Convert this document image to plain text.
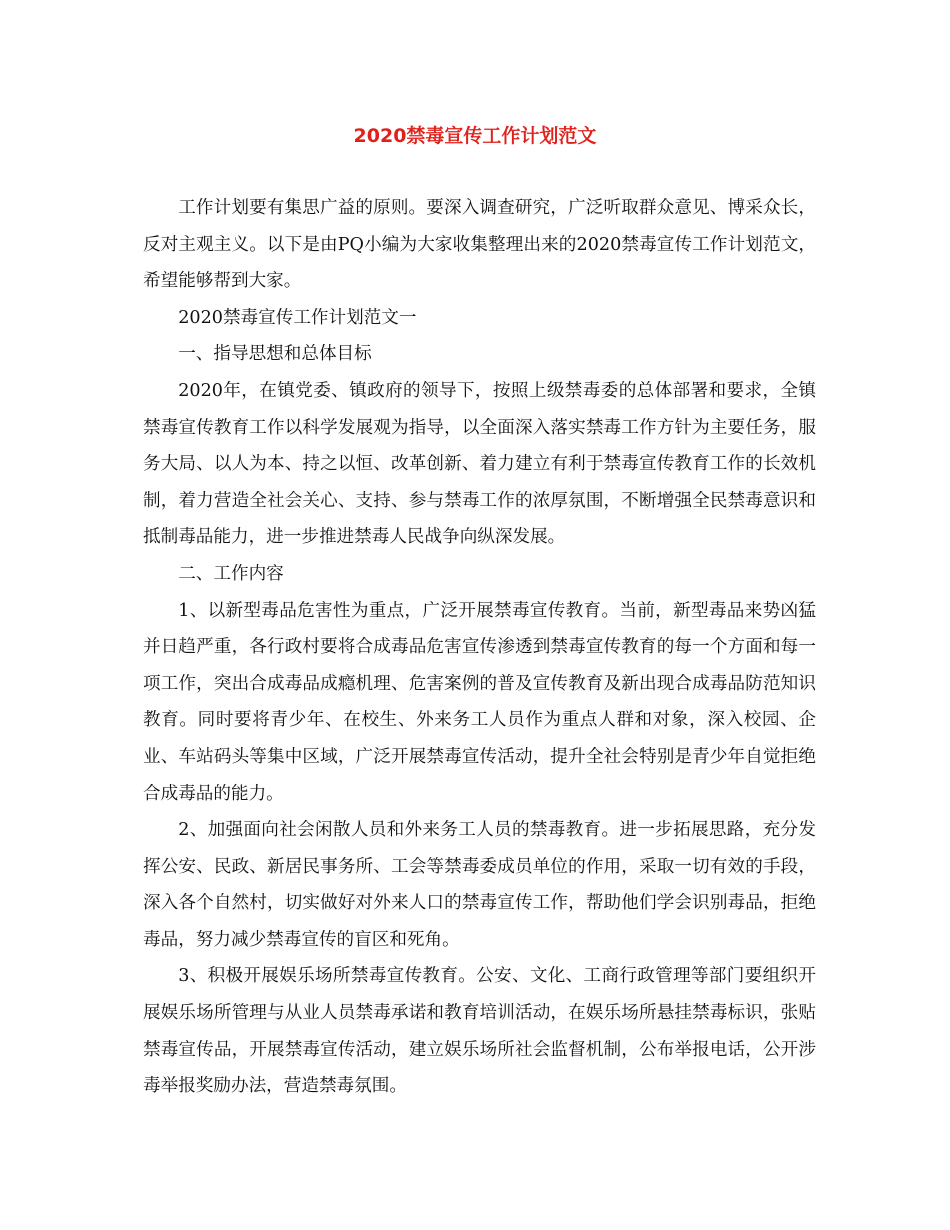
2020禁毒宣传工作计划范文

工作计划要有集思广益的原则。要深入调查研究，广泛听取群众意见、博采众长，反对主观主义。以下是由PQ小编为大家收集整理出来的2020禁毒宣传工作计划范文，希望能够帮到大家。

2020禁毒宣传工作计划范文一

一、指导思想和总体目标

2020年，在镇党委、镇政府的领导下，按照上级禁毒委的总体部署和要求，全镇禁毒宣传教育工作以科学发展观为指导，以全面深入落实禁毒工作方针为主要任务，服务大局、以人为本、持之以恒、改革创新、着力建立有利于禁毒宣传教育工作的长效机制，着力营造全社会关心、支持、参与禁毒工作的浓厚氛围，不断增强全民禁毒意识和抵制毒品能力，进一步推进禁毒人民战争向纵深发展。

二、工作内容

1、以新型毒品危害性为重点，广泛开展禁毒宣传教育。当前，新型毒品来势凶猛并日趋严重，各行政村要将合成毒品危害宣传渗透到禁毒宣传教育的每一个方面和每一项工作，突出合成毒品成瘾机理、危害案例的普及宣传教育及新出现合成毒品防范知识教育。同时要将青少年、在校生、外来务工人员作为重点人群和对象，深入校园、企业、车站码头等集中区域，广泛开展禁毒宣传活动，提升全社会特别是青少年自觉拒绝合成毒品的能力。

2、加强面向社会闲散人员和外来务工人员的禁毒教育。进一步拓展思路，充分发挥公安、民政、新居民事务所、工会等禁毒委成员单位的作用，采取一切有效的手段，深入各个自然村，切实做好对外来人口的禁毒宣传工作，帮助他们学会识别毒品，拒绝毒品，努力减少禁毒宣传的盲区和死角。

3、积极开展娱乐场所禁毒宣传教育。公安、文化、工商行政管理等部门要组织开展娱乐场所管理与从业人员禁毒承诺和教育培训活动，在娱乐场所悬挂禁毒标识，张贴禁毒宣传品，开展禁毒宣传活动，建立娱乐场所社会监督机制，公布举报电话，公开涉毒举报奖励办法，营造禁毒氛围。
